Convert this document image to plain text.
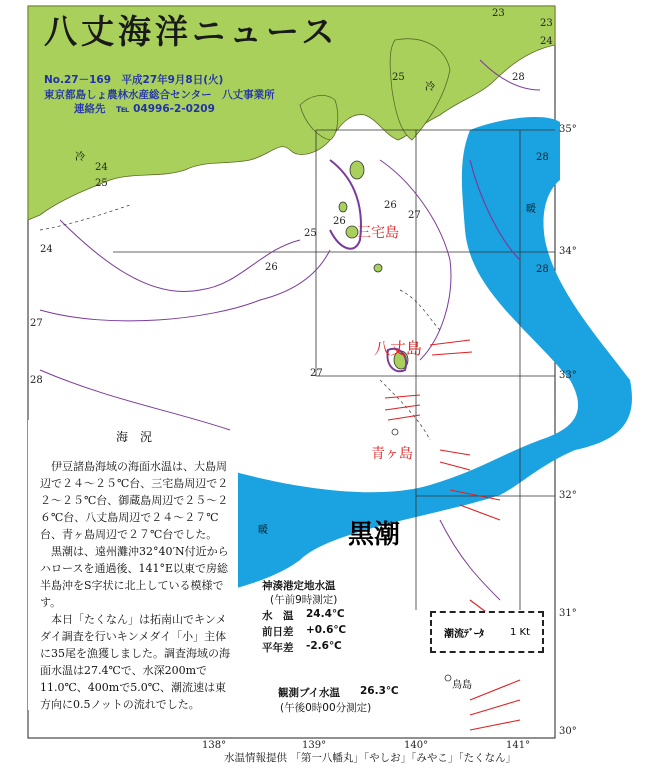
八丈海洋ニュース
No.27－169　平成27年9月8日(火)
東京都島しょ農林水産総合センター　八丈事業所
連絡先　℡ 04996-2-0209
海　況
黒潮
暖
暖
冷
冷
三宅島
八丈島
青ヶ島
鳥島
23
24
24
25
25
26
26
27
27
28
28
28
28
24
25
26
27
23
35°
34°
33°
32°
31°
30°
138°	139°	140°	141°
　伊豆諸島海域の海面水温は、大島周辺で２４～２５℃台、三宅島周辺で２２～２５℃台、御蔵島周辺で２５～２６℃台、八丈島周辺で２４～２７℃台、青ヶ島周辺で２７℃台でした。
　黒潮は、遠州灘沖32°40′N付近からハロースを通過後、141°E以東で房総半島沖をS字状に北上している模様です。
　本日「たくなん」は拓南山でキンメダイ調査を行いキンメダイ「小」主体に35尾を漁獲しました。調査海域の海面水温は27.4℃で、水深200mで11.0℃、400mで5.0℃、潮流速は東方向に0.5ノットの流れでした。
神湊港定地水温
(午前9時測定)
水　温 24.4℃
前日差 +0.6℃
平年差 -2.6℃
観測ブイ水温 26.3℃
(午後0時00分測定)
潮流ﾃﾞｰﾀ	1 Kt
水温情報提供 「第一八幡丸」「やしお」「みやこ」「たくなん」
